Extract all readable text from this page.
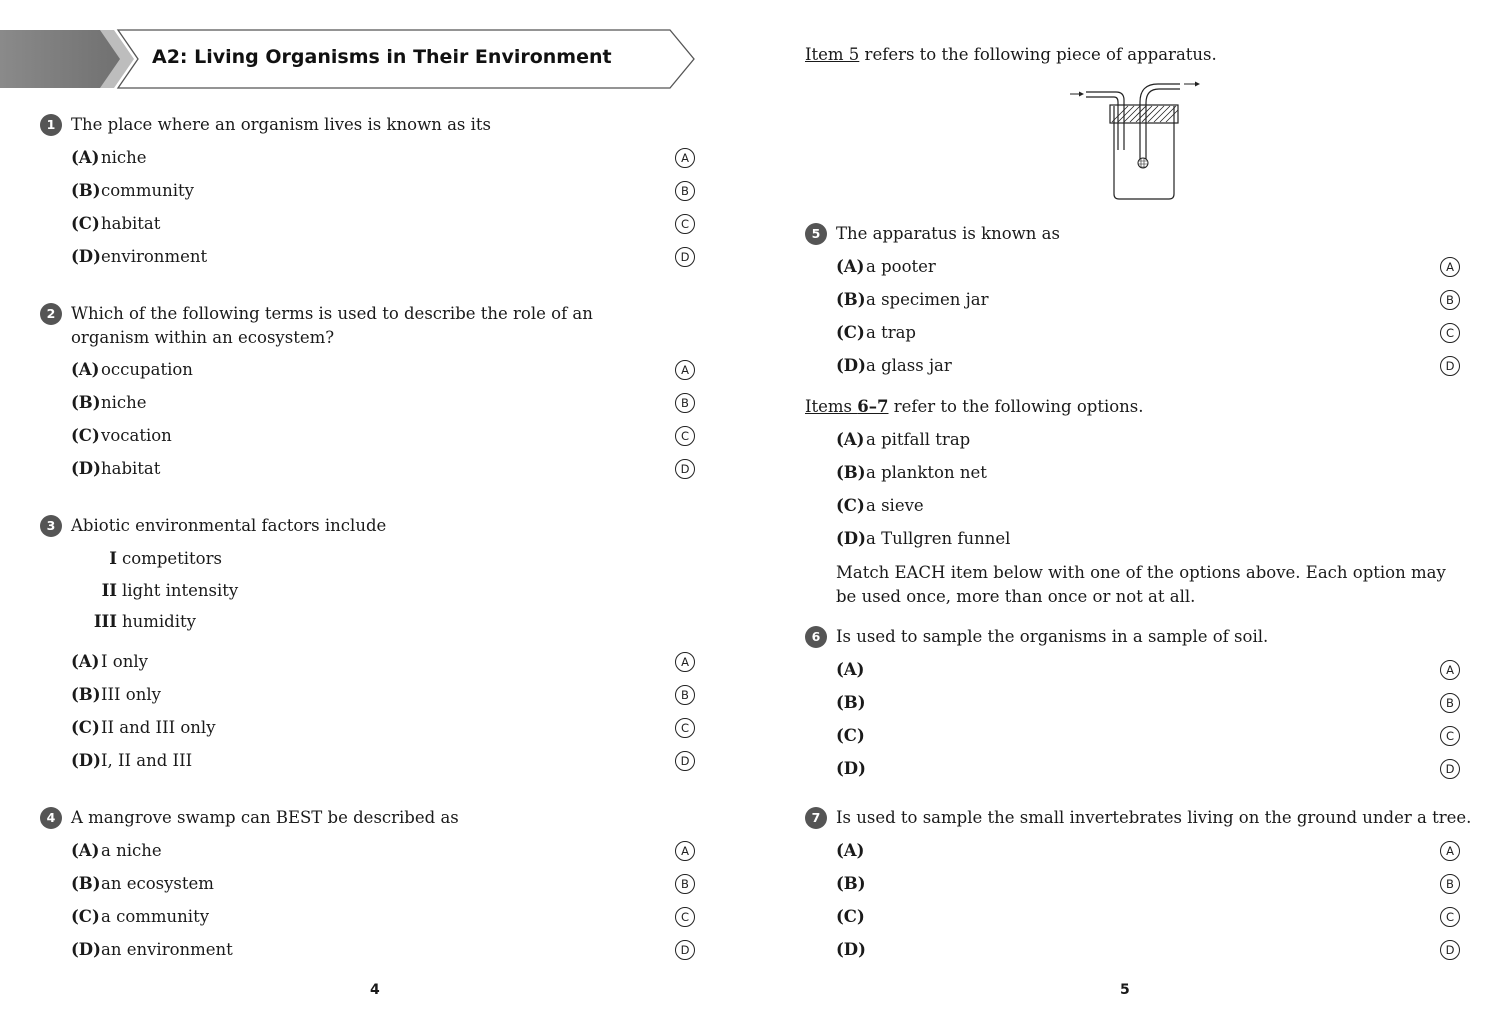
A2: Living Organisms in Their Environment
1 The place where an organism lives is known as its
(A)niche
(B)community
(C)habitat
(D)environment
A
B
C
D
2 Which of the following terms is used to describe the role of an organism within an ecosystem?
(A)occupation
(B)niche
(C)vocation
(D)habitat
A
B
C
D
3 Abiotic environmental factors include
I competitors
II light intensity
III humidity
(A)I only
(B)III only
(C)II and III only
(D)I, II and III
A
B
C
D
4 A mangrove swamp can BEST be described as
(A)a niche
(B)an ecosystem
(C)a community
(D)an environment
A
B
C
D
4
Item 5 refers to the following piece of apparatus.
5 The apparatus is known as
(A)a pooter
(B)a specimen jar
(C)a trap
(D)a glass jar
A
B
C
D
Items 6–7 refer to the following options.
(A)a pitfall trap
(B)a plankton net
(C)a sieve
(D)a Tullgren funnel
Match EACH item below with one of the options above. Each option may be used once, more than once or not at all.
6 Is used to sample the organisms in a sample of soil.
(A)
(B)
(C)
(D)
A
B
C
D
7 Is used to sample the small invertebrates living on the ground under a tree.
(A)
(B)
(C)
(D)
A
B
C
D
5
